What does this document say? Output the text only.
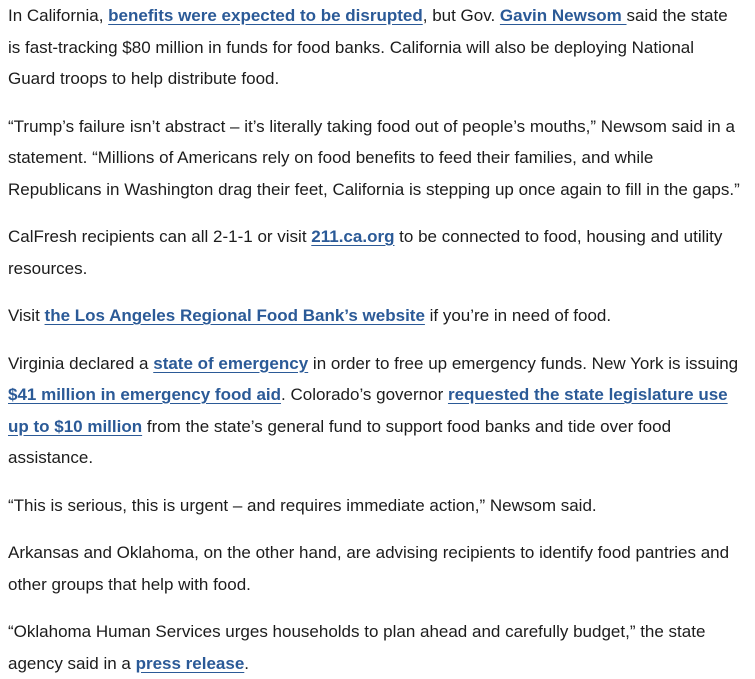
In California, benefits were expected to be disrupted, but Gov. Gavin Newsom said the state is fast-tracking $80 million in funds for food banks. California will also be deploying National Guard troops to help distribute food.

“Trump’s failure isn’t abstract – it’s literally taking food out of people’s mouths,” Newsom said in a statement. “Millions of Americans rely on food benefits to feed their families, and while Republicans in Washington drag their feet, California is stepping up once again to fill in the gaps.”

CalFresh recipients can all 2-1-1 or visit 211.ca.org to be connected to food, housing and utility resources.

Visit the Los Angeles Regional Food Bank’s website if you’re in need of food.

Virginia declared a state of emergency in order to free up emergency funds. New York is issuing $41 million in emergency food aid. Colorado’s governor requested the state legislature use up to $10 million from the state’s general fund to support food banks and tide over food assistance.

“This is serious, this is urgent – and requires immediate action,” Newsom said.

Arkansas and Oklahoma, on the other hand, are advising recipients to identify food pantries and other groups that help with food.

“Oklahoma Human Services urges households to plan ahead and carefully budget,” the state agency said in a press release.
